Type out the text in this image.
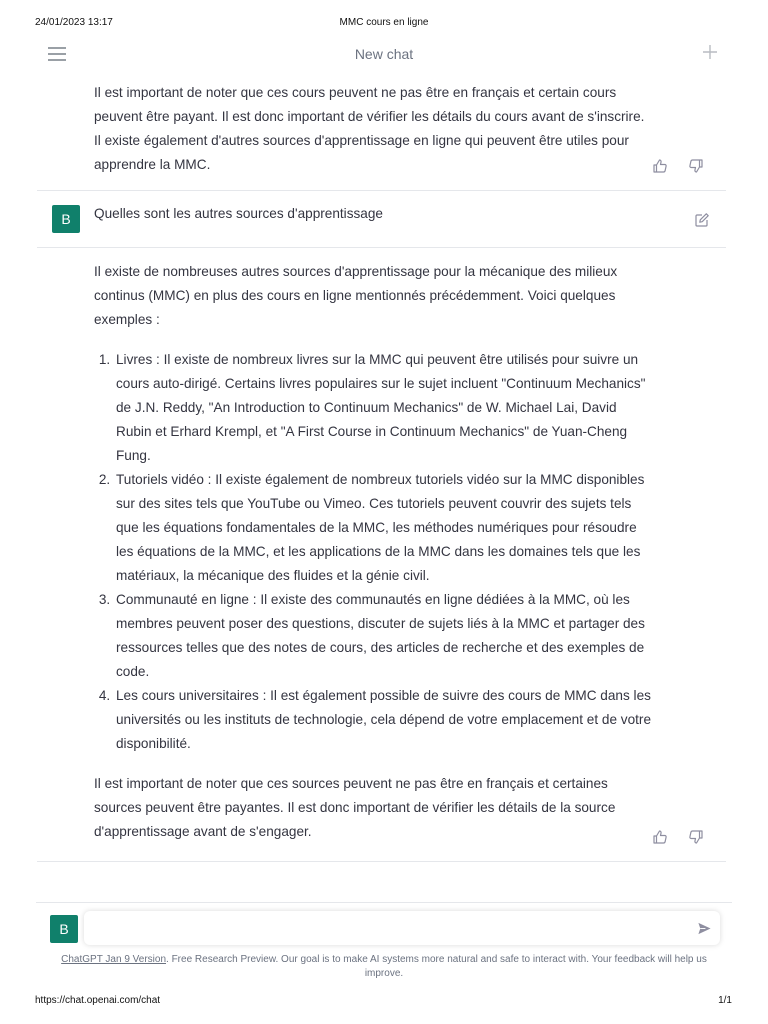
24/01/2023 13:17	MMC cours en ligne
New chat
Il est important de noter que ces cours peuvent ne pas être en français et certain cours peuvent être payant. Il est donc important de vérifier les détails du cours avant de s'inscrire. Il existe également d'autres sources d'apprentissage en ligne qui peuvent être utiles pour apprendre la MMC.
B	Quelles sont les autres sources d'apprentissage
Il existe de nombreuses autres sources d'apprentissage pour la mécanique des milieux continus (MMC) en plus des cours en ligne mentionnés précédemment. Voici quelques exemples :
1. Livres : Il existe de nombreux livres sur la MMC qui peuvent être utilisés pour suivre un cours auto-dirigé. Certains livres populaires sur le sujet incluent "Continuum Mechanics" de J.N. Reddy, "An Introduction to Continuum Mechanics" de W. Michael Lai, David Rubin et Erhard Krempl, et "A First Course in Continuum Mechanics" de Yuan-Cheng Fung.
2. Tutoriels vidéo : Il existe également de nombreux tutoriels vidéo sur la MMC disponibles sur des sites tels que YouTube ou Vimeo. Ces tutoriels peuvent couvrir des sujets tels que les équations fondamentales de la MMC, les méthodes numériques pour résoudre les équations de la MMC, et les applications de la MMC dans les domaines tels que les matériaux, la mécanique des fluides et la génie civil.
3. Communauté en ligne : Il existe des communautés en ligne dédiées à la MMC, où les membres peuvent poser des questions, discuter de sujets liés à la MMC et partager des ressources telles que des notes de cours, des articles de recherche et des exemples de code.
4. Les cours universitaires : Il est également possible de suivre des cours de MMC dans les universités ou les instituts de technologie, cela dépend de votre emplacement et de votre disponibilité.
Il est important de noter que ces sources peuvent ne pas être en français et certaines sources peuvent être payantes. Il est donc important de vérifier les détails de la source d'apprentissage avant de s'engager.
B
ChatGPT Jan 9 Version. Free Research Preview. Our goal is to make AI systems more natural and safe to interact with. Your feedback will help us improve.
https://chat.openai.com/chat	1/1
